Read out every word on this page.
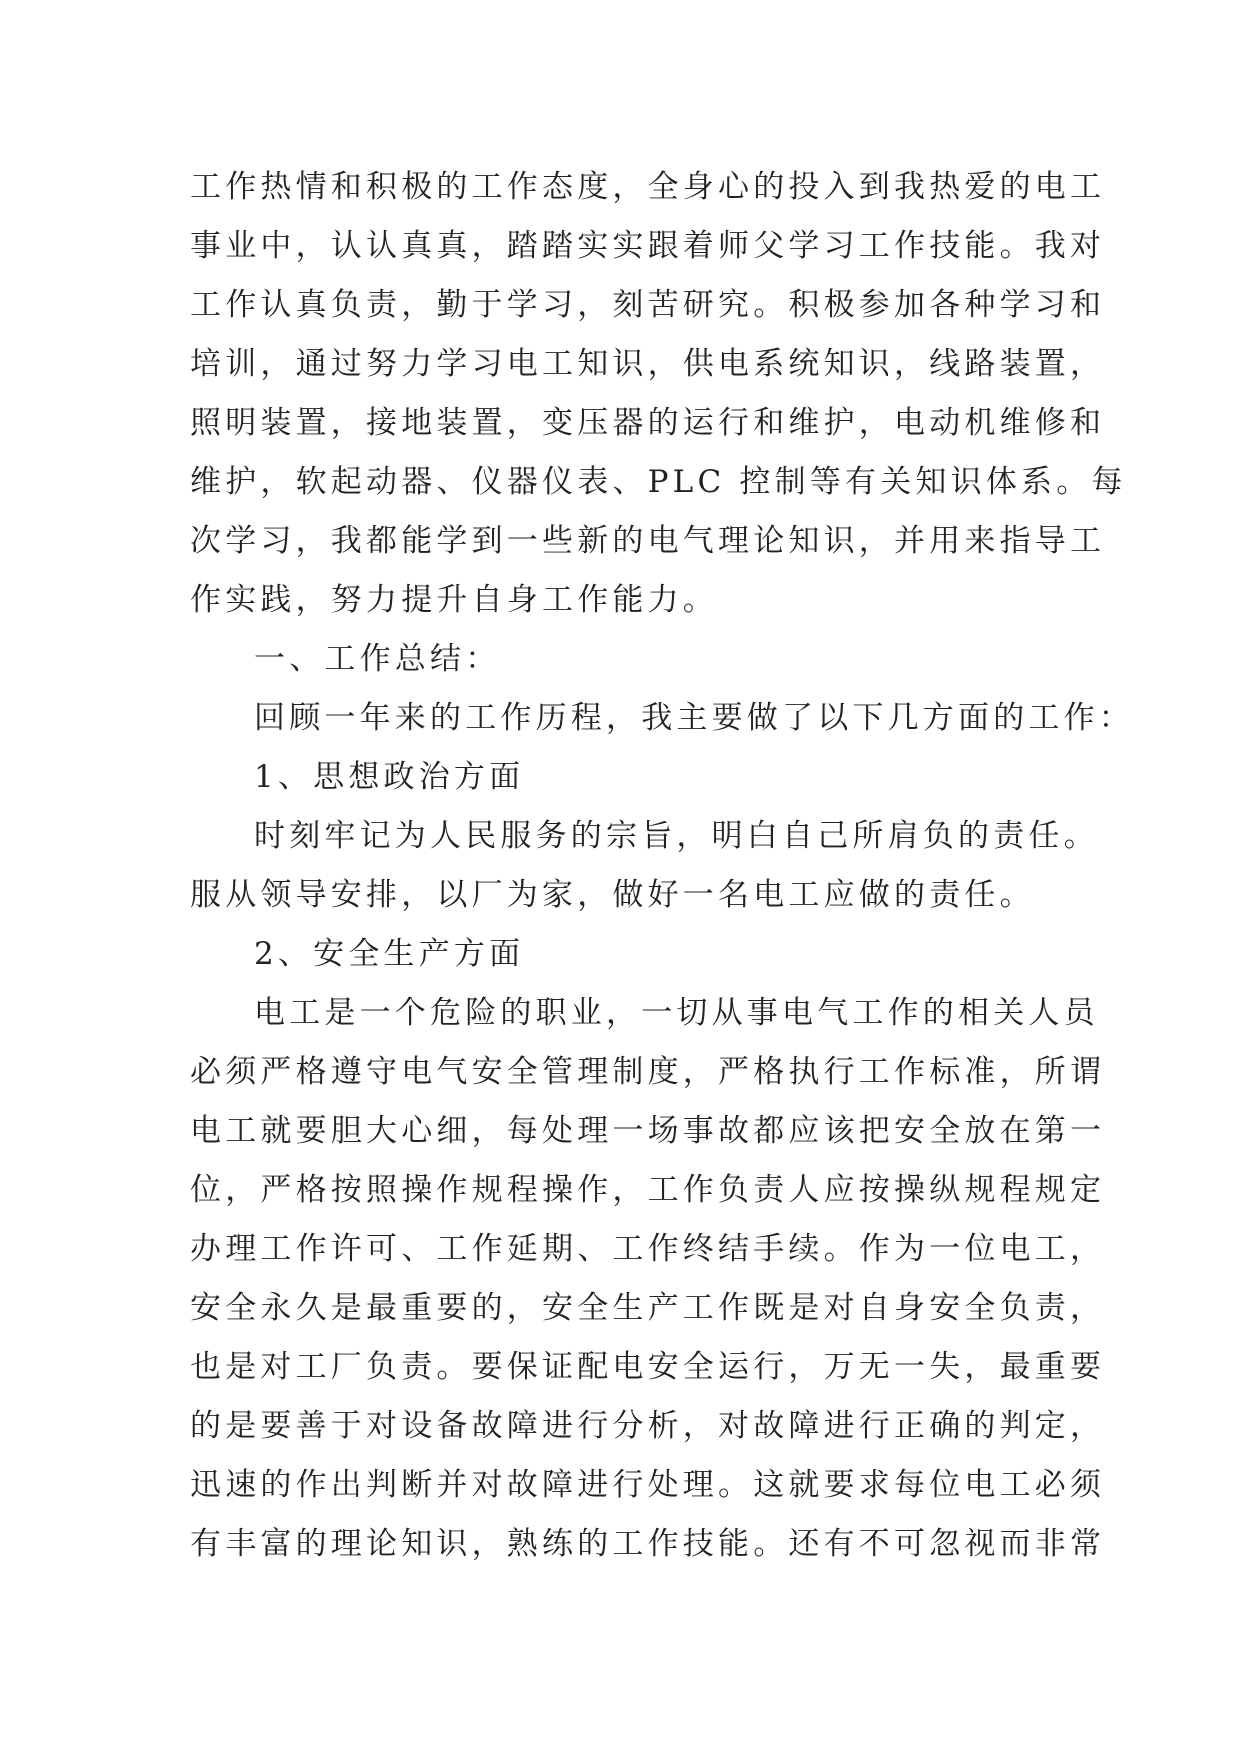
工作热情和积极的工作态度，全身心的投入到我热爱的电工
事业中，认认真真，踏踏实实跟着师父学习工作技能。我对
工作认真负责，勤于学习，刻苦研究。积极参加各种学习和
培训，通过努力学习电工知识，供电系统知识，线路装置，
照明装置，接地装置，变压器的运行和维护，电动机维修和
维护，软起动器、仪器仪表、PLC 控制等有关知识体系。每
次学习，我都能学到一些新的电气理论知识，并用来指导工
作实践，努力提升自身工作能力。
一、工作总结：
回顾一年来的工作历程，我主要做了以下几方面的工作：
1、思想政治方面
时刻牢记为人民服务的宗旨，明白自己所肩负的责任。
服从领导安排，以厂为家，做好一名电工应做的责任。
2、安全生产方面
电工是一个危险的职业，一切从事电气工作的相关人员
必须严格遵守电气安全管理制度，严格执行工作标准，所谓
电工就要胆大心细，每处理一场事故都应该把安全放在第一
位，严格按照操作规程操作，工作负责人应按操纵规程规定
办理工作许可、工作延期、工作终结手续。作为一位电工，
安全永久是最重要的，安全生产工作既是对自身安全负责，
也是对工厂负责。要保证配电安全运行，万无一失，最重要
的是要善于对设备故障进行分析，对故障进行正确的判定，
迅速的作出判断并对故障进行处理。这就要求每位电工必须
有丰富的理论知识，熟练的工作技能。还有不可忽视而非常
